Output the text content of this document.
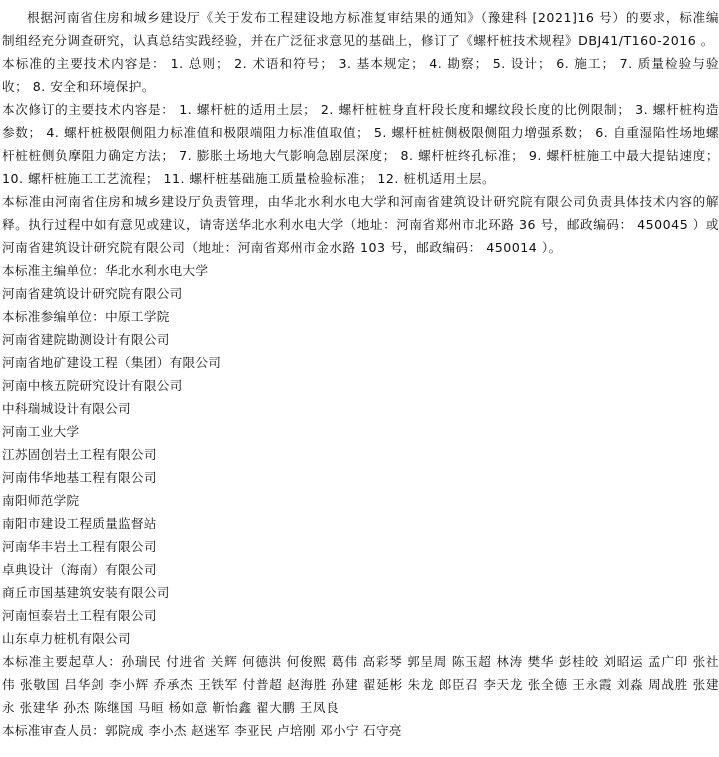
根据河南省住房和城乡建设厅《关于发布工程建设地方标准复审结果的通知》（豫建科 [2021]16 号）的要求，标准编制组经充分调查研究，认真总结实践经验，并在广泛征求意见的基础上，修订了《螺杆桩技术规程》DBJ41/T160-2016 。

本标准的主要技术内容是： 1. 总则； 2. 术语和符号； 3. 基本规定； 4. 勘察； 5. 设计； 6. 施工； 7. 质量检验与验收； 8. 安全和环境保护。

本次修订的主要技术内容是： 1. 螺杆桩的适用土层； 2. 螺杆桩桩身直杆段长度和螺纹段长度的比例限制； 3. 螺杆桩构造参数； 4. 螺杆桩极限侧阻力标准值和极限端阻力标准值取值； 5. 螺杆桩桩侧极限侧阻力增强系数； 6. 自重湿陷性场地螺杆桩桩侧负摩阻力确定方法； 7. 膨胀土场地大气影响急剧层深度； 8. 螺杆桩终孔标准； 9. 螺杆桩施工中最大提钻速度； 10. 螺杆桩施工工艺流程； 11. 螺杆桩基础施工质量检验标准； 12. 桩机适用土层。

本标准由河南省住房和城乡建设厅负责管理，由华北水利水电大学和河南省建筑设计研究院有限公司负责具体技术内容的解释。执行过程中如有意见或建议，请寄送华北水利水电大学（地址：河南省郑州市北环路 36 号，邮政编码： 450045 ）或河南省建筑设计研究院有限公司（地址：河南省郑州市金水路 103 号，邮政编码： 450014 ）。

本标准主编单位：华北水利水电大学
河南省建筑设计研究院有限公司
本标准参编单位：中原工学院
河南省建院勘测设计有限公司
河南省地矿建设工程（集团）有限公司
河南中核五院研究设计有限公司
中科瑞城设计有限公司
河南工业大学
江苏固创岩土工程有限公司
河南伟华地基工程有限公司
南阳师范学院
南阳市建设工程质量监督站
河南华丰岩土工程有限公司
卓典设计（海南）有限公司
商丘市国基建筑安装有限公司
河南恒泰岩土工程有限公司
山东卓力桩机有限公司

本标准主要起草人：孙瑞民 付进省 关辉 何德洪 何俊熙 葛伟 高彩琴 郭呈周 陈玉超 林涛 樊华 彭桂皎 刘昭运 孟广印 张社伟 张敬国 吕华剑 李小辉 乔承杰 王铁军 付普超 赵海胜 孙建 翟延彬 朱龙 郎臣召 李天龙 张全德 王永霞 刘淼 周战胜 张建永 张建华 孙杰 陈继国 马晅 杨如意 靳怡鑫 翟大鹏 王凤良

本标准审查人员：郭院成 李小杰 赵迷军 李亚民 卢培刚 邓小宁 石守亮
